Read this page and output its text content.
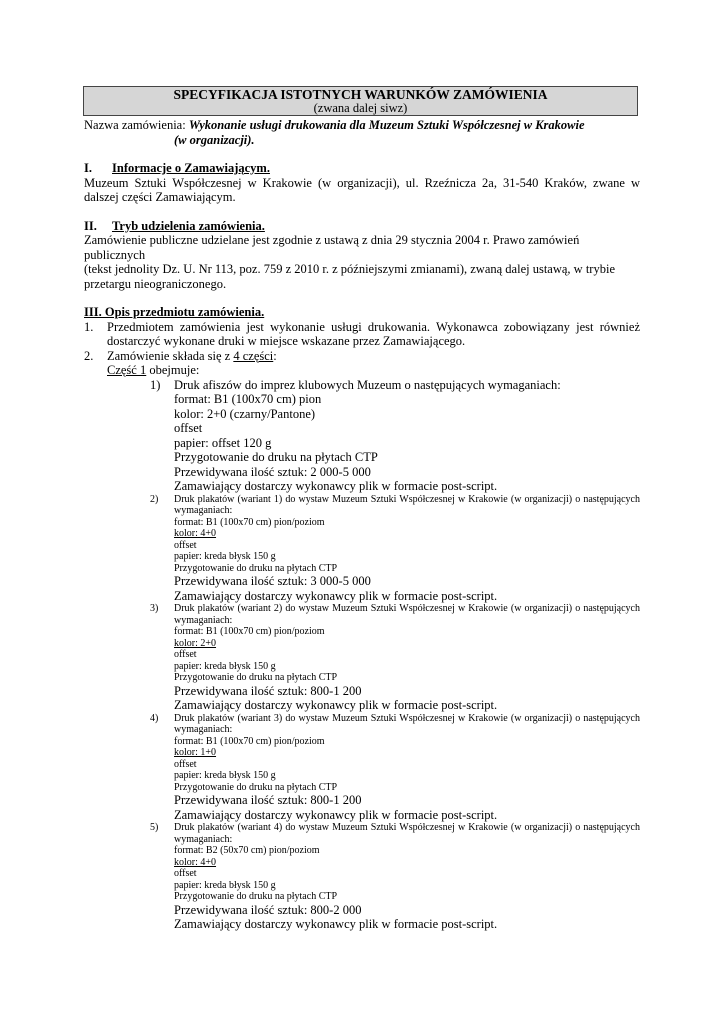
SPECYFIKACJA ISTOTNYCH WARUNKÓW ZAMÓWIENIA
(zwana dalej siwz)

Nazwa zamówienia: Wykonanie usługi drukowania dla Muzeum Sztuki Współczesnej w Krakowie

(w organizacji).

I. Informacje o Zamawiającym.

Muzeum Sztuki Współczesnej w Krakowie (w organizacji), ul. Rzeźnicza 2a, 31-540 Kraków, zwane w dalszej części Zamawiającym.

II. Tryb udzielenia zamówienia.

Zamówienie publiczne udzielane jest zgodnie z ustawą z dnia 29 stycznia 2004 r. Prawo zamówień publicznych

(tekst jednolity Dz. U. Nr 113, poz. 759 z 2010 r. z późniejszymi zmianami), zwaną dalej ustawą, w trybie

przetargu nieograniczonego.

III. Opis przedmiotu zamówienia.

1.	Przedmiotem zamówienia jest wykonanie usługi drukowania. Wykonawca zobowiązany jest również dostarczyć wykonane druki w miejsce wskazane przez Zamawiającego.
2.	Zamówienie składa się z 4 części:

Część 1 obejmuje:

1)	Druk afiszów do imprez klubowych Muzeum o następujących wymaganiach:

format: B1 (100x70 cm) pion

kolor: 2+0 (czarny/Pantone)

offset

papier: offset 120 g

Przygotowanie do druku na płytach CTP

Przewidywana ilość sztuk: 2 000-5 000

Zamawiający dostarczy wykonawcy plik w formacie post-script.

2)	Druk plakatów (wariant 1) do wystaw Muzeum Sztuki Współczesnej w Krakowie (w organizacji) o następujących wymaganiach:

format: B1 (100x70 cm) pion/poziom

kolor: 4+0

offset

papier: kreda błysk 150 g

Przygotowanie do druku na płytach CTP

Przewidywana ilość sztuk: 3 000-5 000

Zamawiający dostarczy wykonawcy plik w formacie post-script.

3)	Druk plakatów (wariant 2) do wystaw Muzeum Sztuki Współczesnej w Krakowie (w organizacji) o następujących wymaganiach:

format: B1 (100x70 cm) pion/poziom

kolor: 2+0

offset

papier: kreda błysk 150 g

Przygotowanie do druku na płytach CTP

Przewidywana ilość sztuk: 800-1 200

Zamawiający dostarczy wykonawcy plik w formacie post-script.

4)	Druk plakatów (wariant 3) do wystaw Muzeum Sztuki Współczesnej w Krakowie (w organizacji) o następujących wymaganiach:

format: B1 (100x70 cm) pion/poziom

kolor: 1+0

offset

papier: kreda błysk 150 g

Przygotowanie do druku na płytach CTP

Przewidywana ilość sztuk: 800-1 200

Zamawiający dostarczy wykonawcy plik w formacie post-script.

5)	Druk plakatów (wariant 4) do wystaw Muzeum Sztuki Współczesnej w Krakowie (w organizacji) o następujących wymaganiach:

format: B2 (50x70 cm) pion/poziom

kolor: 4+0

offset

papier: kreda błysk 150 g

Przygotowanie do druku na płytach CTP

Przewidywana ilość sztuk: 800-2 000

Zamawiający dostarczy wykonawcy plik w formacie post-script.
